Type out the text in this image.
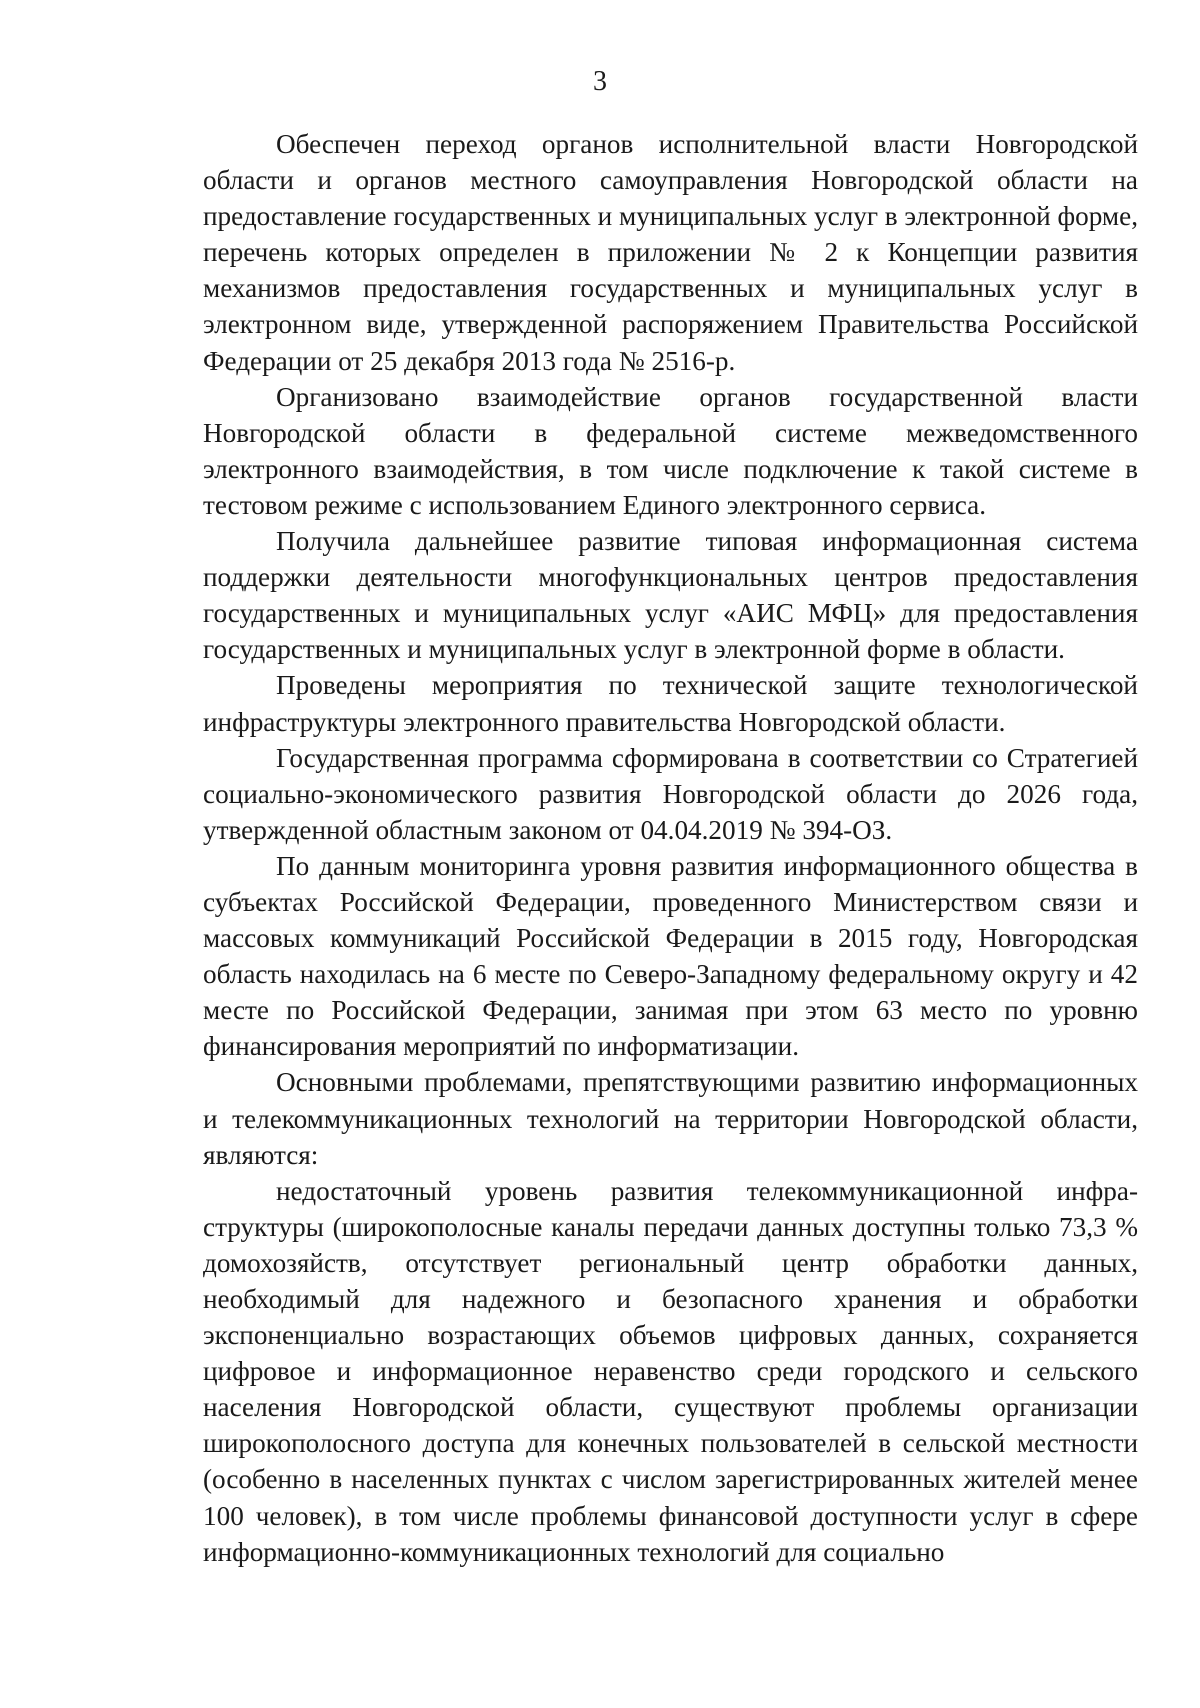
3

Обеспечен переход органов исполнительной власти Новгородской области и органов местного самоуправления Новгородской области на предоставление государственных и муниципальных услуг в электронной форме, перечень которых определен в приложении № 2 к Концепции развития механизмов предоставления государственных и муниципальных услуг в электронном виде, утвержденной распоряжением Правительства Российской Федерации от 25 декабря 2013 года № 2516-р.

Организовано взаимодействие органов государственной власти Новгородской области в федеральной системе межведомственного электронного взаимодействия, в том числе подключение к такой системе в тестовом режиме с использованием Единого электронного сервиса.

Получила дальнейшее развитие типовая информационная система поддержки деятельности многофункциональных центров предоставления государственных и муниципальных услуг «АИС МФЦ» для предоставления государственных и муниципальных услуг в электронной форме в области.

Проведены мероприятия по технической защите технологической инфраструктуры электронного правительства Новгородской области.

Государственная программа сформирована в соответствии со Стратегией социально-экономического развития Новгородской области до 2026 года, утвержденной областным законом от 04.04.2019 № 394-ОЗ.

По данным мониторинга уровня развития информационного общества в субъектах Российской Федерации, проведенного Министерством связи и массовых коммуникаций Российской Федерации в 2015 году, Новгородская область находилась на 6 месте по Северо-Западному федеральному округу и 42 месте по Российской Федерации, занимая при этом 63 место по уровню финансирования мероприятий по информатизации.

Основными проблемами, препятствующими развитию информационных и телекоммуникационных технологий на территории Новгородской области, являются:

недостаточный уровень развития телекоммуникационной инфраструктуры (широкополосные каналы передачи данных доступны только 73,3 % домохозяйств, отсутствует региональный центр обработки данных, необходимый для надежного и безопасного хранения и обработки экспоненциально возрастающих объемов цифровых данных, сохраняется цифровое и информационное неравенство среди городского и сельского населения Новгородской области, существуют проблемы организации широкополосного доступа для конечных пользователей в сельской местности (особенно в населенных пунктах с числом зарегистрированных жителей менее 100 человек), в том числе проблемы финансовой доступности услуг в сфере информационно-коммуникационных технологий для социально
